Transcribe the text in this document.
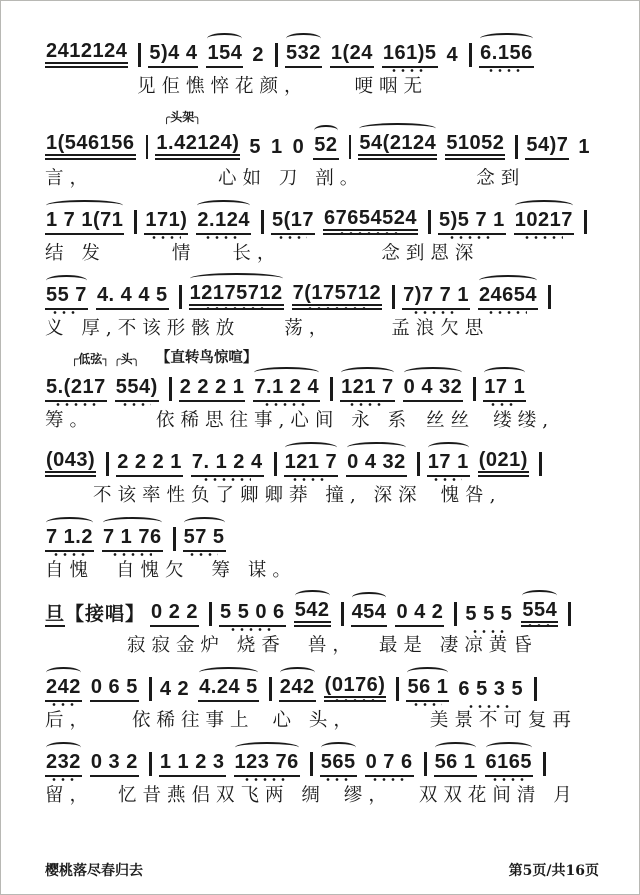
2412124 5)4 4 154 2 532 1(24 161)5 4 6.156
见佢憔悴花颜， 哽咽无
╭头架╮
1(546156 1.42124) 5 1 0 52 54(2124 51052 54)7 1
言，	心如 刀 剖。	念到
1 7 1(71 171) 2.124 5(17 67654524 5)5 7 1 10217
结 发	情 长，	念到恩深
55 7 4. 4 4 5 12175712 7(175712 7)7 7 1 24654
义 厚,不该形骸放 荡，	孟浪欠思
┌低弦┐ ╭头╮ 【直转鸟惊喧】
5.(217 554) 2 2 2 1 7.1 2 4 121 7 0 4 32 17 1
筹。	依稀思往事,心间 永 系 丝丝 缕缕,
(043) 2 2 2 1 7. 1 2 4 121 7 0 4 32 17 1 (021)
不该率性负了卿卿莽 撞, 深深 愧咎,
7 1.2 7 1 76 57 5
自愧 自愧欠 筹 谋。
旦【接唱】 0 2 2 5 5 0 6 542 454 0 4 2 5 5 5 554
寂寂金炉 烧香 兽， 最是 凄凉黄昏
242 0 6 5 4 2 4.24 5 242 (0176) 56 1 6 5 3 5
后， 依稀往事上 心 头，	美景不可复再
232 0 3 2 1 1 2 3 123 76 565 0 7 6 56 1 6165
留， 忆昔燕侣双飞两 绸 缪， 双双花间清 月
樱桃落尽春归去	第5页/共16页
